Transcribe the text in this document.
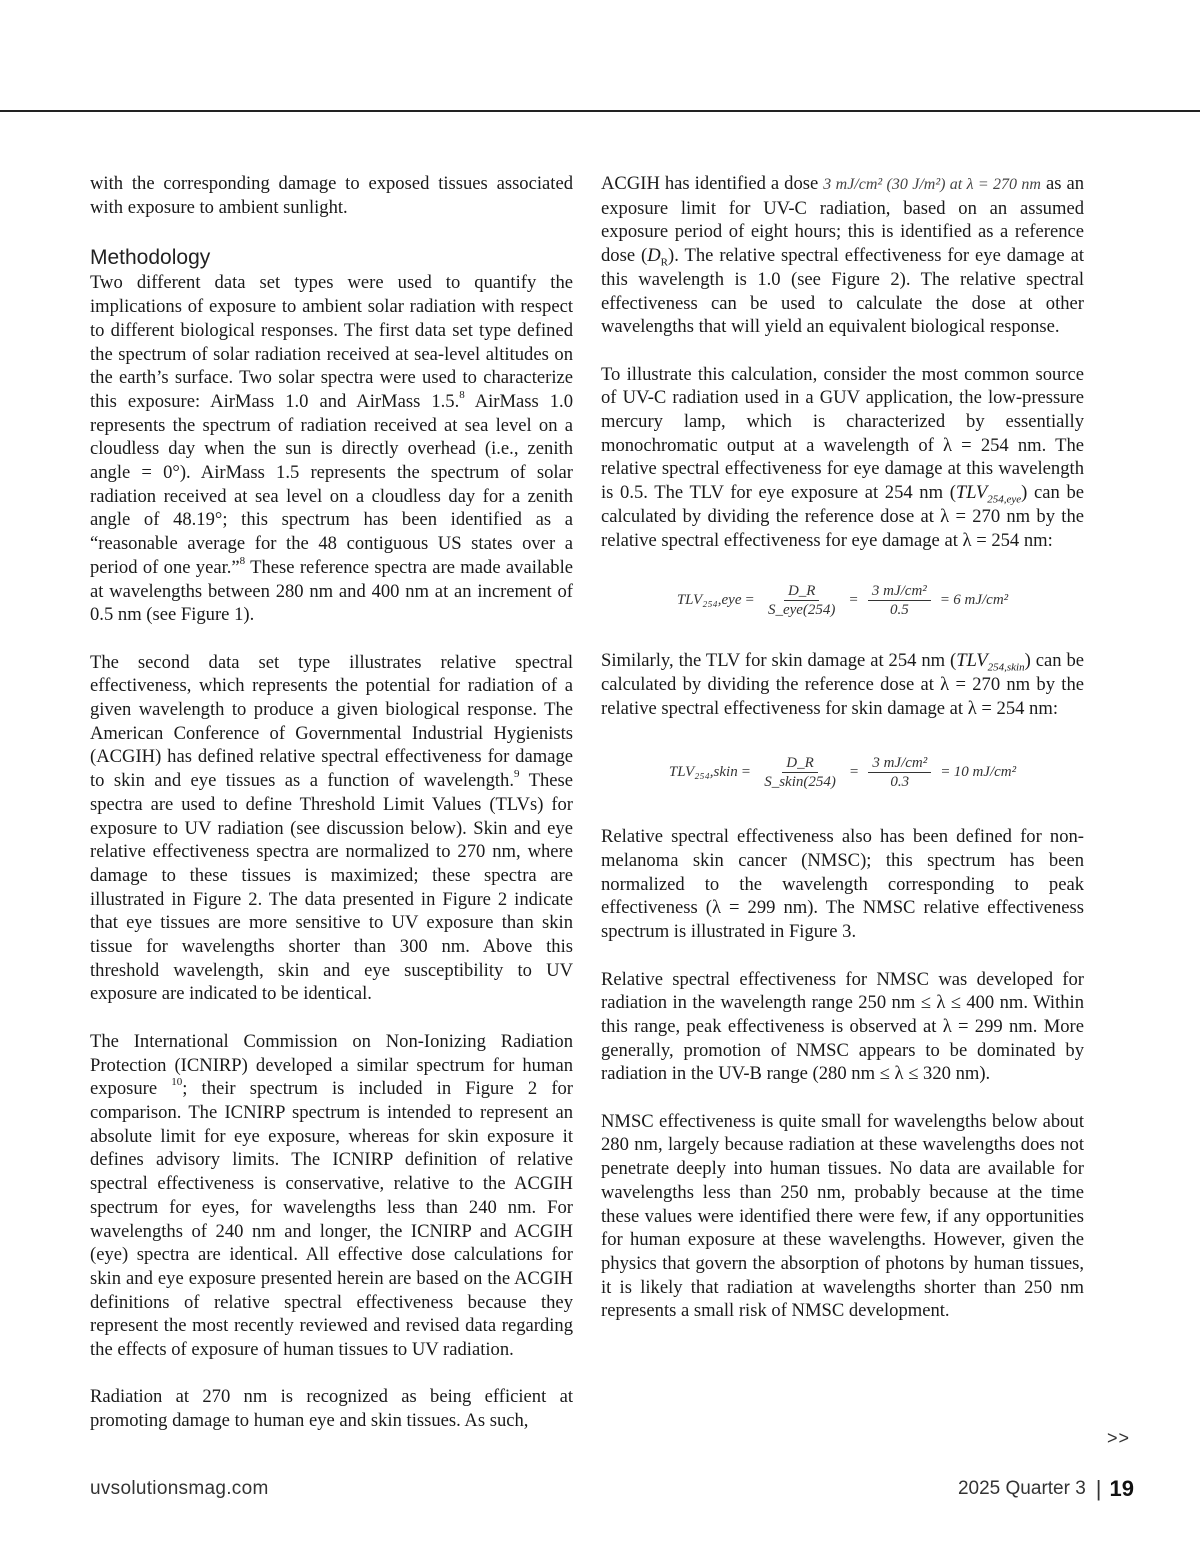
with the corresponding damage to exposed tissues associated with exposure to ambient sunlight.

Methodology

Two different data set types were used to quantify the implications of exposure to ambient solar radiation with respect to different biological responses. The first data set type defined the spectrum of solar radiation received at sea-level altitudes on the earth’s surface. Two solar spectra were used to characterize this exposure: AirMass 1.0 and AirMass 1.5.$^8$ AirMass 1.0 represents the spectrum of radiation received at sea level on a cloudless day when the sun is directly overhead (i.e., zenith angle = 0°). AirMass 1.5 represents the spectrum of solar radiation received at sea level on a cloudless day for a zenith angle of 48.19°; this spectrum has been identified as a “reasonable average for the 48 contiguous US states over a period of one year.”$^8$ These reference spectra are made available at wavelengths between 280 nm and 400 nm at an increment of 0.5 nm (see Figure 1).

The second data set type illustrates relative spectral effectiveness, which represents the potential for radiation of a given wavelength to produce a given biological response. The American Conference of Governmental Industrial Hygienists (ACGIH) has defined relative spectral effectiveness for damage to skin and eye tissues as a function of wavelength.$^9$ These spectra are used to define Threshold Limit Values (TLVs) for exposure to UV radiation (see discussion below). Skin and eye relative effectiveness spectra are normalized to 270 nm, where damage to these tissues is maximized; these spectra are illustrated in Figure 2. The data presented in Figure 2 indicate that eye tissues are more sensitive to UV exposure than skin tissue for wavelengths shorter than 300 nm. Above this threshold wavelength, skin and eye susceptibility to UV exposure are indicated to be identical.

The International Commission on Non-Ionizing Radiation Protection (ICNIRP) developed a similar spectrum for human exposure $^{10}$; their spectrum is included in Figure 2 for comparison. The ICNIRP spectrum is intended to represent an absolute limit for eye exposure, whereas for skin exposure it defines advisory limits. The ICNIRP definition of relative spectral effectiveness is conservative, relative to the ACGIH spectrum for eyes, for wavelengths less than 240 nm. For wavelengths of 240 nm and longer, the ICNIRP and ACGIH (eye) spectra are identical. All effective dose calculations for skin and eye exposure presented herein are based on the ACGIH definitions of relative spectral effectiveness because they represent the most recently reviewed and revised data regarding the effects of exposure of human tissues to UV radiation.

Radiation at 270 nm is recognized as being efficient at promoting damage to human eye and skin tissues. As such,

ACGIH has identified a dose 3 mJ/cm² (30 J/m²) at λ = 270 nm as an exposure limit for UV-C radiation, based on an assumed exposure period of eight hours; this is identified as a reference dose $(D_R)$. The relative spectral effectiveness for eye damage at this wavelength is 1.0 (see Figure 2). The relative spectral effectiveness can be used to calculate the dose at other wavelengths that will yield an equivalent biological response.

To illustrate this calculation, consider the most common source of UV-C radiation used in a GUV application, the low-pressure mercury lamp, which is characterized by essentially monochromatic output at a wavelength of λ = 254 nm. The relative spectral effectiveness for eye damage at this wavelength is 0.5. The TLV for eye exposure at 254 nm $(TLV_{254,eye})$ can be calculated by dividing the reference dose at λ = 270 nm by the relative spectral effectiveness for eye damage at λ = 254 nm:

$TLV_{254},eye = \frac{D\_R}{\text{S\_eye(254)}} = \frac{\text{3 mJ/cm²}}{0.5} = 6$
mJ/cm²

Similarly, the TLV for skin damage at 254 nm $(TLV_{254,skin})$ can be calculated by dividing the reference dose at λ = 270 nm by the relative spectral effectiveness for skin damage at λ = 254 nm:

TLV₂₅₄,skin = $\frac{D\_R}{\text{S\_skin(254)}} = \frac{\text{3 mJ/cm²}}{0.3} = 10$
mJ/cm²

Relative spectral effectiveness also has been defined for non-melanoma skin cancer (NMSC); this spectrum has been normalized to the wavelength corresponding to peak effectiveness (λ = 299 nm). The NMSC relative effectiveness spectrum is illustrated in Figure 3.

Relative spectral effectiveness for NMSC was developed for radiation in the wavelength range 250 nm ≤ λ ≤ 400 nm. Within this range, peak effectiveness is observed at λ = 299 nm. More generally, promotion of NMSC appears to be dominated by radiation in the UV-B range (280 nm ≤ λ ≤ 320 nm).

NMSC effectiveness is quite small for wavelengths below about 280 nm, largely because radiation at these wavelengths does not penetrate deeply into human tissues. No data are available for wavelengths less than 250 nm, probably because at the time these values were identified there were few, if any opportunities for human exposure at these wavelengths. However, given the physics that govern the absorption of photons by human tissues, it is likely that radiation at wavelengths shorter than 250 nm represents a small risk of NMSC development.

>>
uvsolutionsmag.com	2025 Quarter 3 | 19
